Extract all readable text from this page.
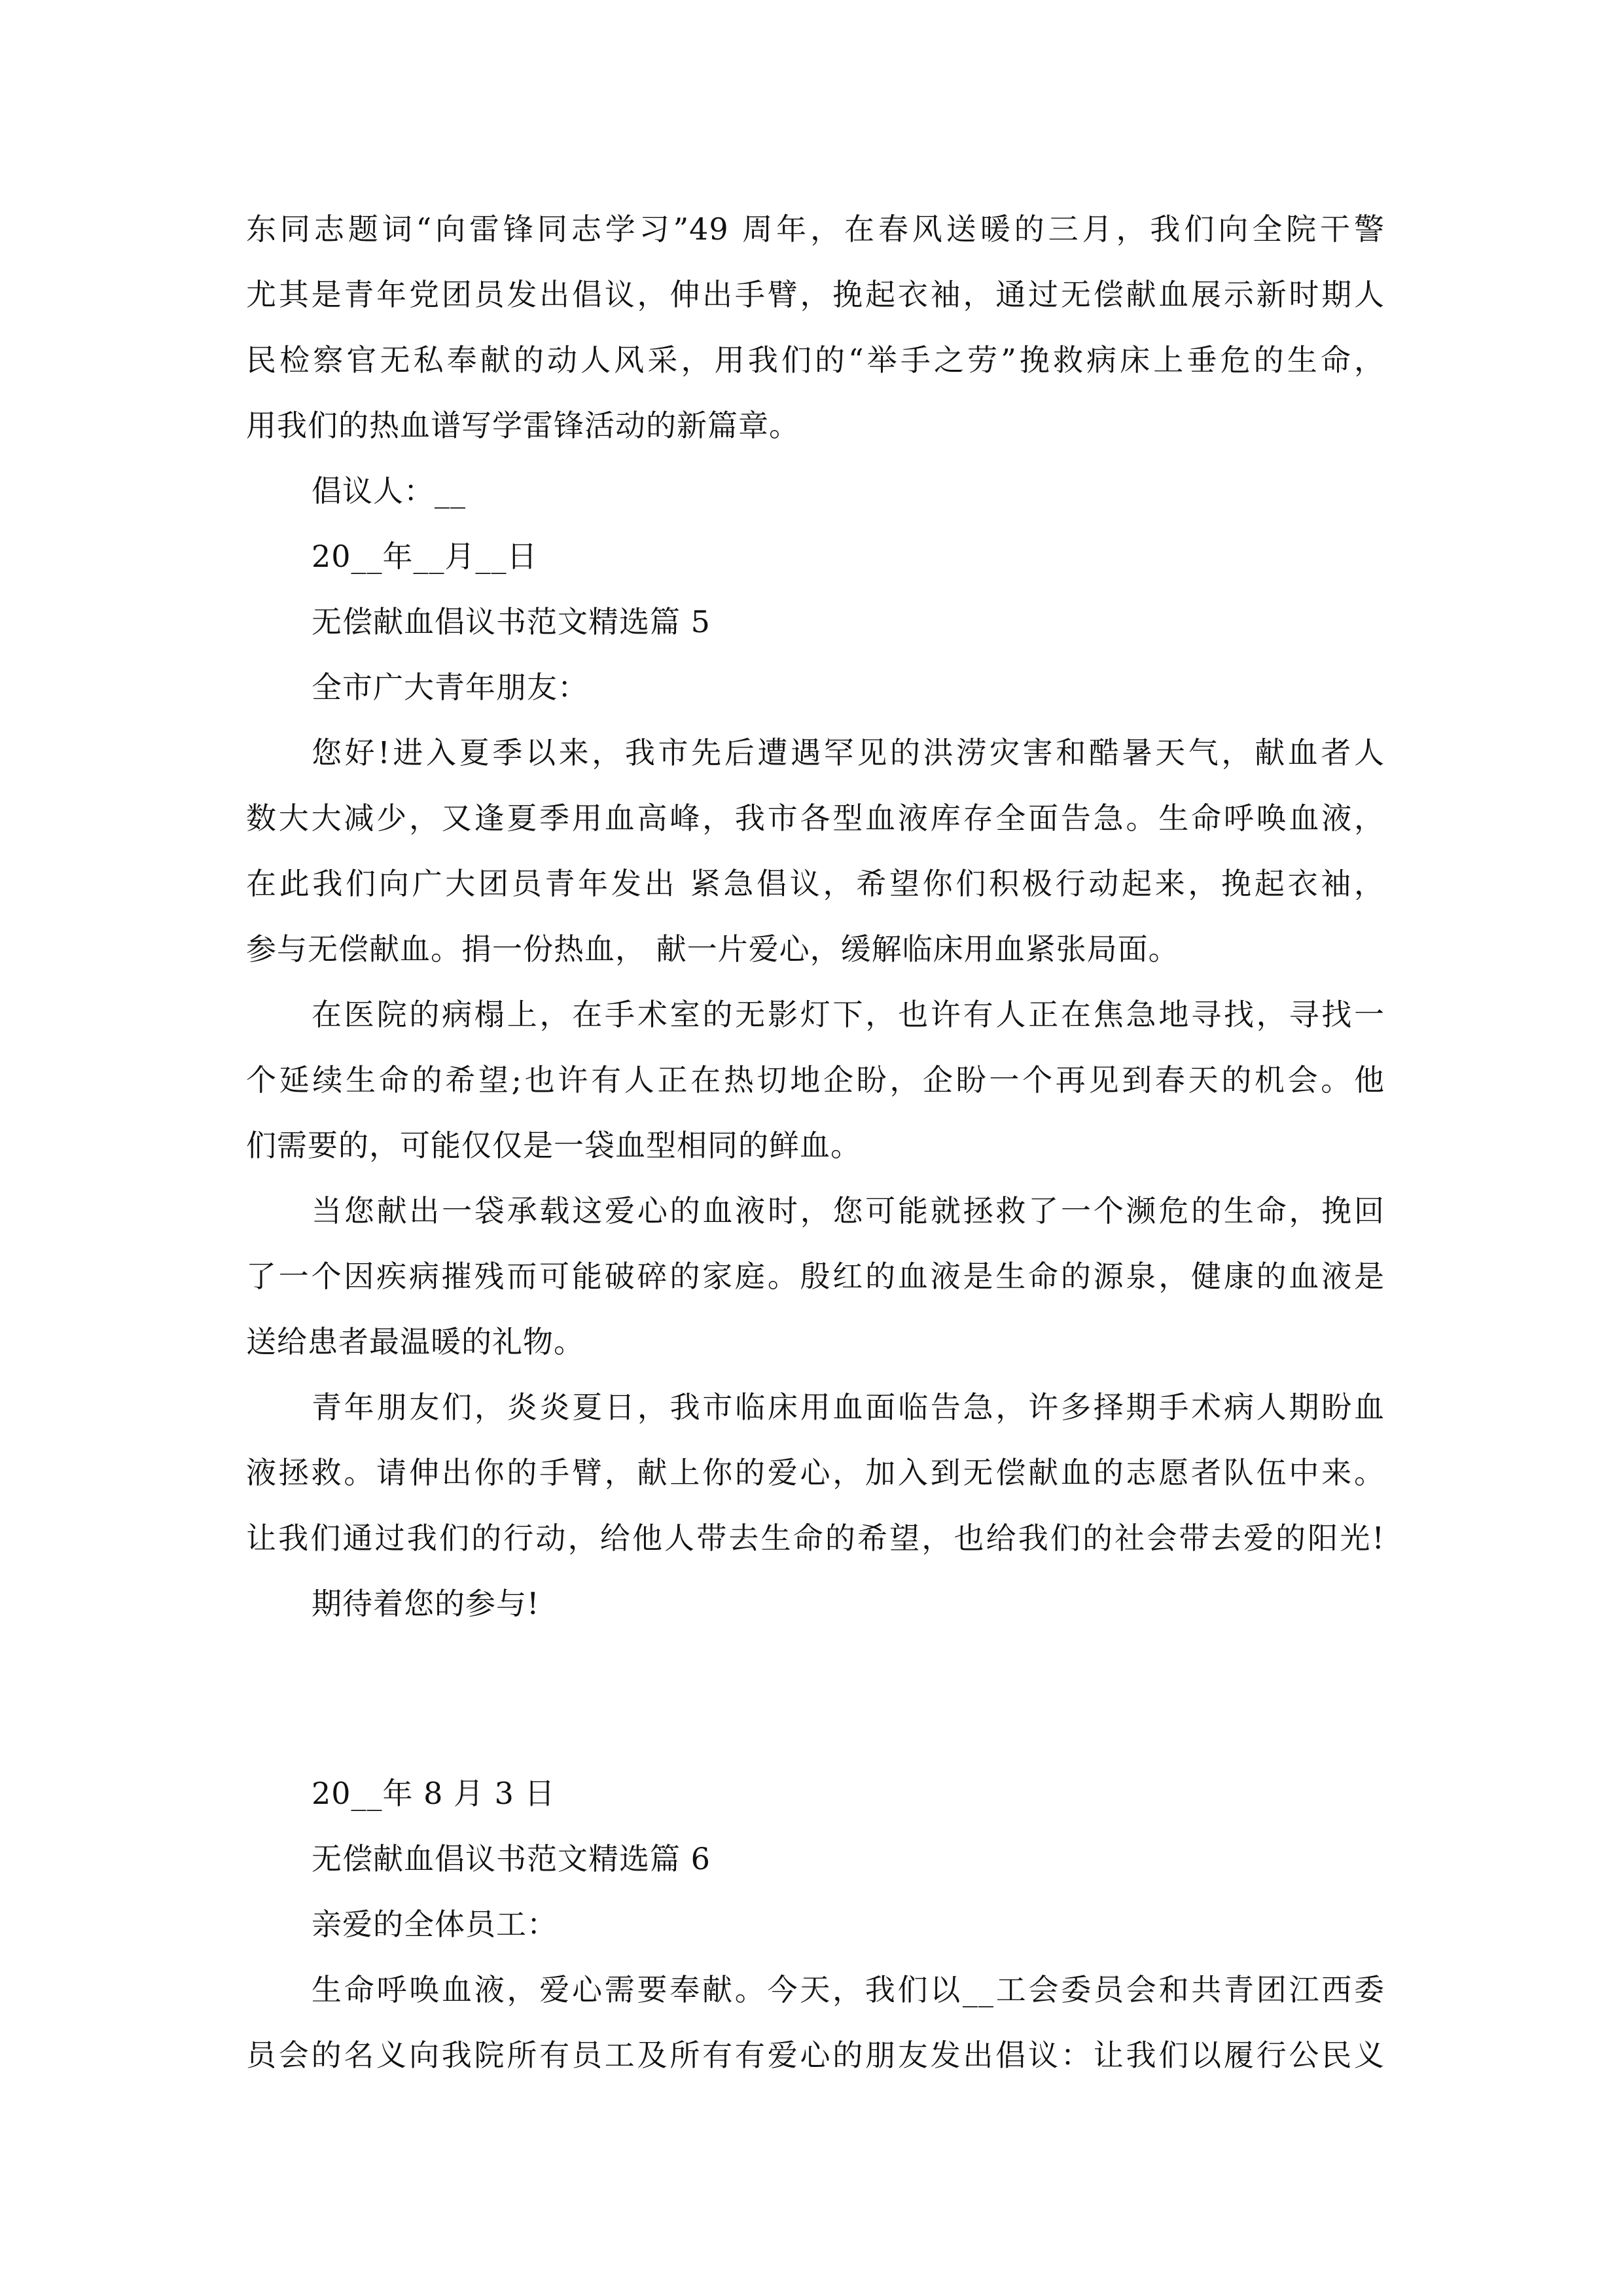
东同志题词“向雷锋同志学习”49 周年，在春风送暖的三月，我们向全院干警
尤其是青年党团员发出倡议，伸出手臂，挽起衣袖，通过无偿献血展示新时期人
民检察官无私奉献的动人风采，用我们的“举手之劳”挽救病床上垂危的生命，
用我们的热血谱写学雷锋活动的新篇章。
倡议人：__
20__年__月__日
无偿献血倡议书范文精选篇 5
全市广大青年朋友：
您好!进入夏季以来，我市先后遭遇罕见的洪涝灾害和酷暑天气，献血者人
数大大减少，又逢夏季用血高峰，我市各型血液库存全面告急。生命呼唤血液，
在此我们向广大团员青年发出 紧急倡议，希望你们积极行动起来，挽起衣袖，
参与无偿献血。捐一份热血， 献一片爱心，缓解临床用血紧张局面。
在医院的病榻上，在手术室的无影灯下，也许有人正在焦急地寻找，寻找一
个延续生命的希望;也许有人正在热切地企盼，企盼一个再见到春天的机会。他
们需要的，可能仅仅是一袋血型相同的鲜血。
当您献出一袋承载这爱心的血液时，您可能就拯救了一个濒危的生命，挽回
了一个因疾病摧残而可能破碎的家庭。殷红的血液是生命的源泉，健康的血液是
送给患者最温暖的礼物。
青年朋友们，炎炎夏日，我市临床用血面临告急，许多择期手术病人期盼血
液拯救。请伸出你的手臂，献上你的爱心，加入到无偿献血的志愿者队伍中来。
让我们通过我们的行动，给他人带去生命的希望，也给我们的社会带去爱的阳光!
期待着您的参与!
20__年 8 月 3 日
无偿献血倡议书范文精选篇 6
亲爱的全体员工：
生命呼唤血液，爱心需要奉献。今天，我们以__工会委员会和共青团江西委
员会的名义向我院所有员工及所有有爱心的朋友发出倡议：让我们以履行公民义
